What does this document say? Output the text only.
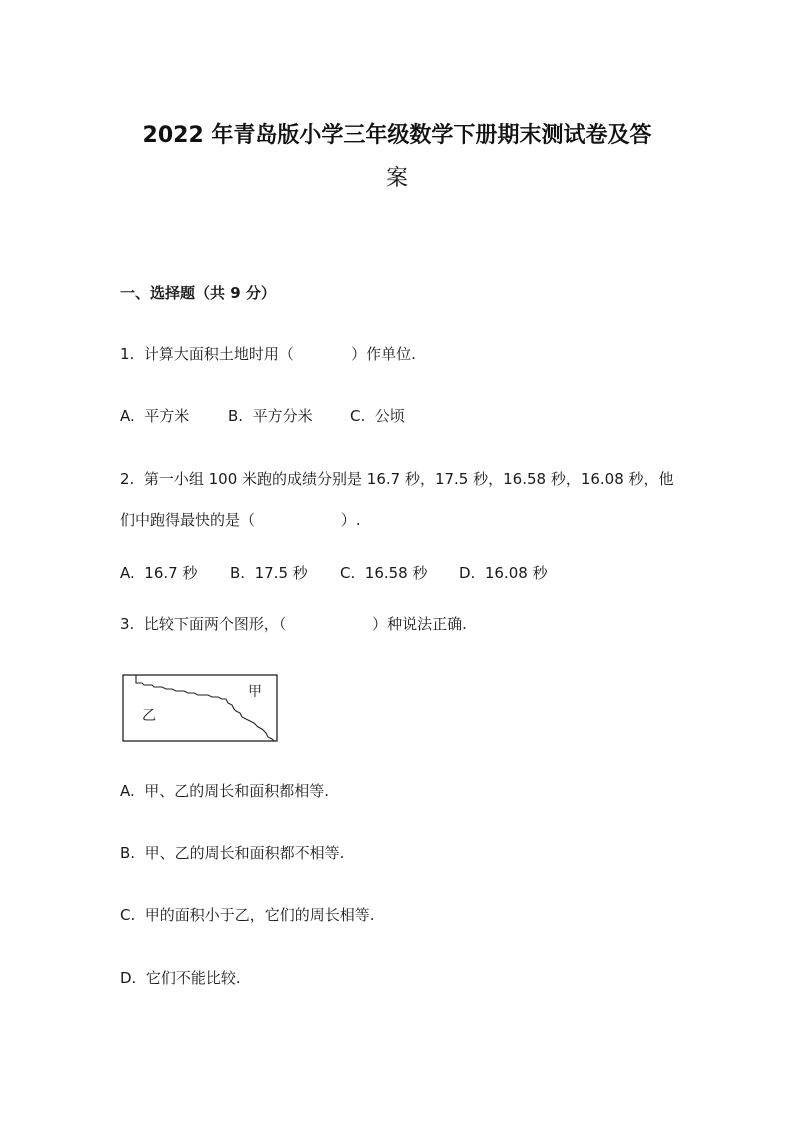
2022 年青岛版小学三年级数学下册期末测试卷及答
案
一、选择题（共 9 分）
1.  计算大面积土地时用（            ）作单位.
A.  平方米	B.  平方分米 C.  公顷
2.  第一小组 100 米跑的成绩分别是 16.7 秒，17.5 秒，16.58 秒，16.08 秒，他
们中跑得最快的是（                  ）.
A.  16.7 秒 B.  17.5 秒 C.  16.58 秒 D.  16.08 秒
3.  比较下面两个图形，（                  ）种说法正确.
甲
乙
A.  甲、乙的周长和面积都相等.
B.  甲、乙的周长和面积都不相等.
C.  甲的面积小于乙，它们的周长相等.
D.  它们不能比较.
